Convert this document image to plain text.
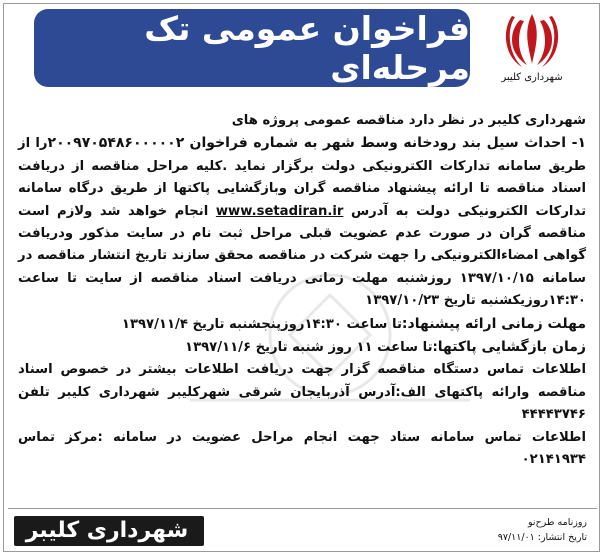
فراخوان عمومی تک مرحله‌ای	شهرداری کلیبر

شهرداری کلیبر در نظر دارد مناقصه عمومی پروژه های

۱- احداث سیل بند رودخانه وسط شهر به شماره فراخوان ۲۰۰۹۷۰۵۴۸۶۰۰۰۰۰۲را از طریق سامانه تدارکات الکترونیکی دولت برگزار نماید .کلیه مراحل مناقصه از دریافت اسناد مناقصه تا ارائه پیشنهاد مناقصه گران وبازگشایی پاکتها از طریق درگاه سامانه تدارکات الکترونیکی دولت به آدرس www.setadiran.ir انجام خواهد شد ولازم است مناقصه گران در صورت عدم عضویت قبلی مراحل ثبت نام در سایت مذکور ودریافت گواهی امضاءالکترونیکی را جهت شرکت در مناقصه محقق سازند تاریخ انتشار مناقصه در سامانه ۱۳۹۷/۱۰/۱۵ روزشنبه مهلت زمانی دریافت اسناد مناقصه از سایت تا ساعت ۱۴:۳۰روزیکشنبه تاریخ ۱۳۹۷/۱۰/۲۳

مهلت زمانی ارائه پیشنهاد:تا ساعت ۱۴:۳۰روزپنجشنبه تاریخ ۱۳۹۷/۱۱/۴

زمان بازگشایی پاکتها:تا ساعت ۱۱ روز شنبه تاریخ ۱۳۹۷/۱۱/۶

اطلاعات تماس دستگاه مناقصه گزار جهت دریافت اطلاعات بیشتر در خصوص اسناد مناقصه وارائه پاکتهای الف:آدرس آذربایجان شرقی شهرکلیبر شهرداری کلیبر تلفن ۴۴۴۴۳۷۴۶

اطلاعات تماس سامانه ستاد جهت انجام مراحل عضویت در سامانه :مرکز تماس ۰۲۱۴۱۹۳۴

شهرداری کلیبر	روزنامه طرح‌نو
تاریخ انتشار: ۹۷/۱۱/۰۱
